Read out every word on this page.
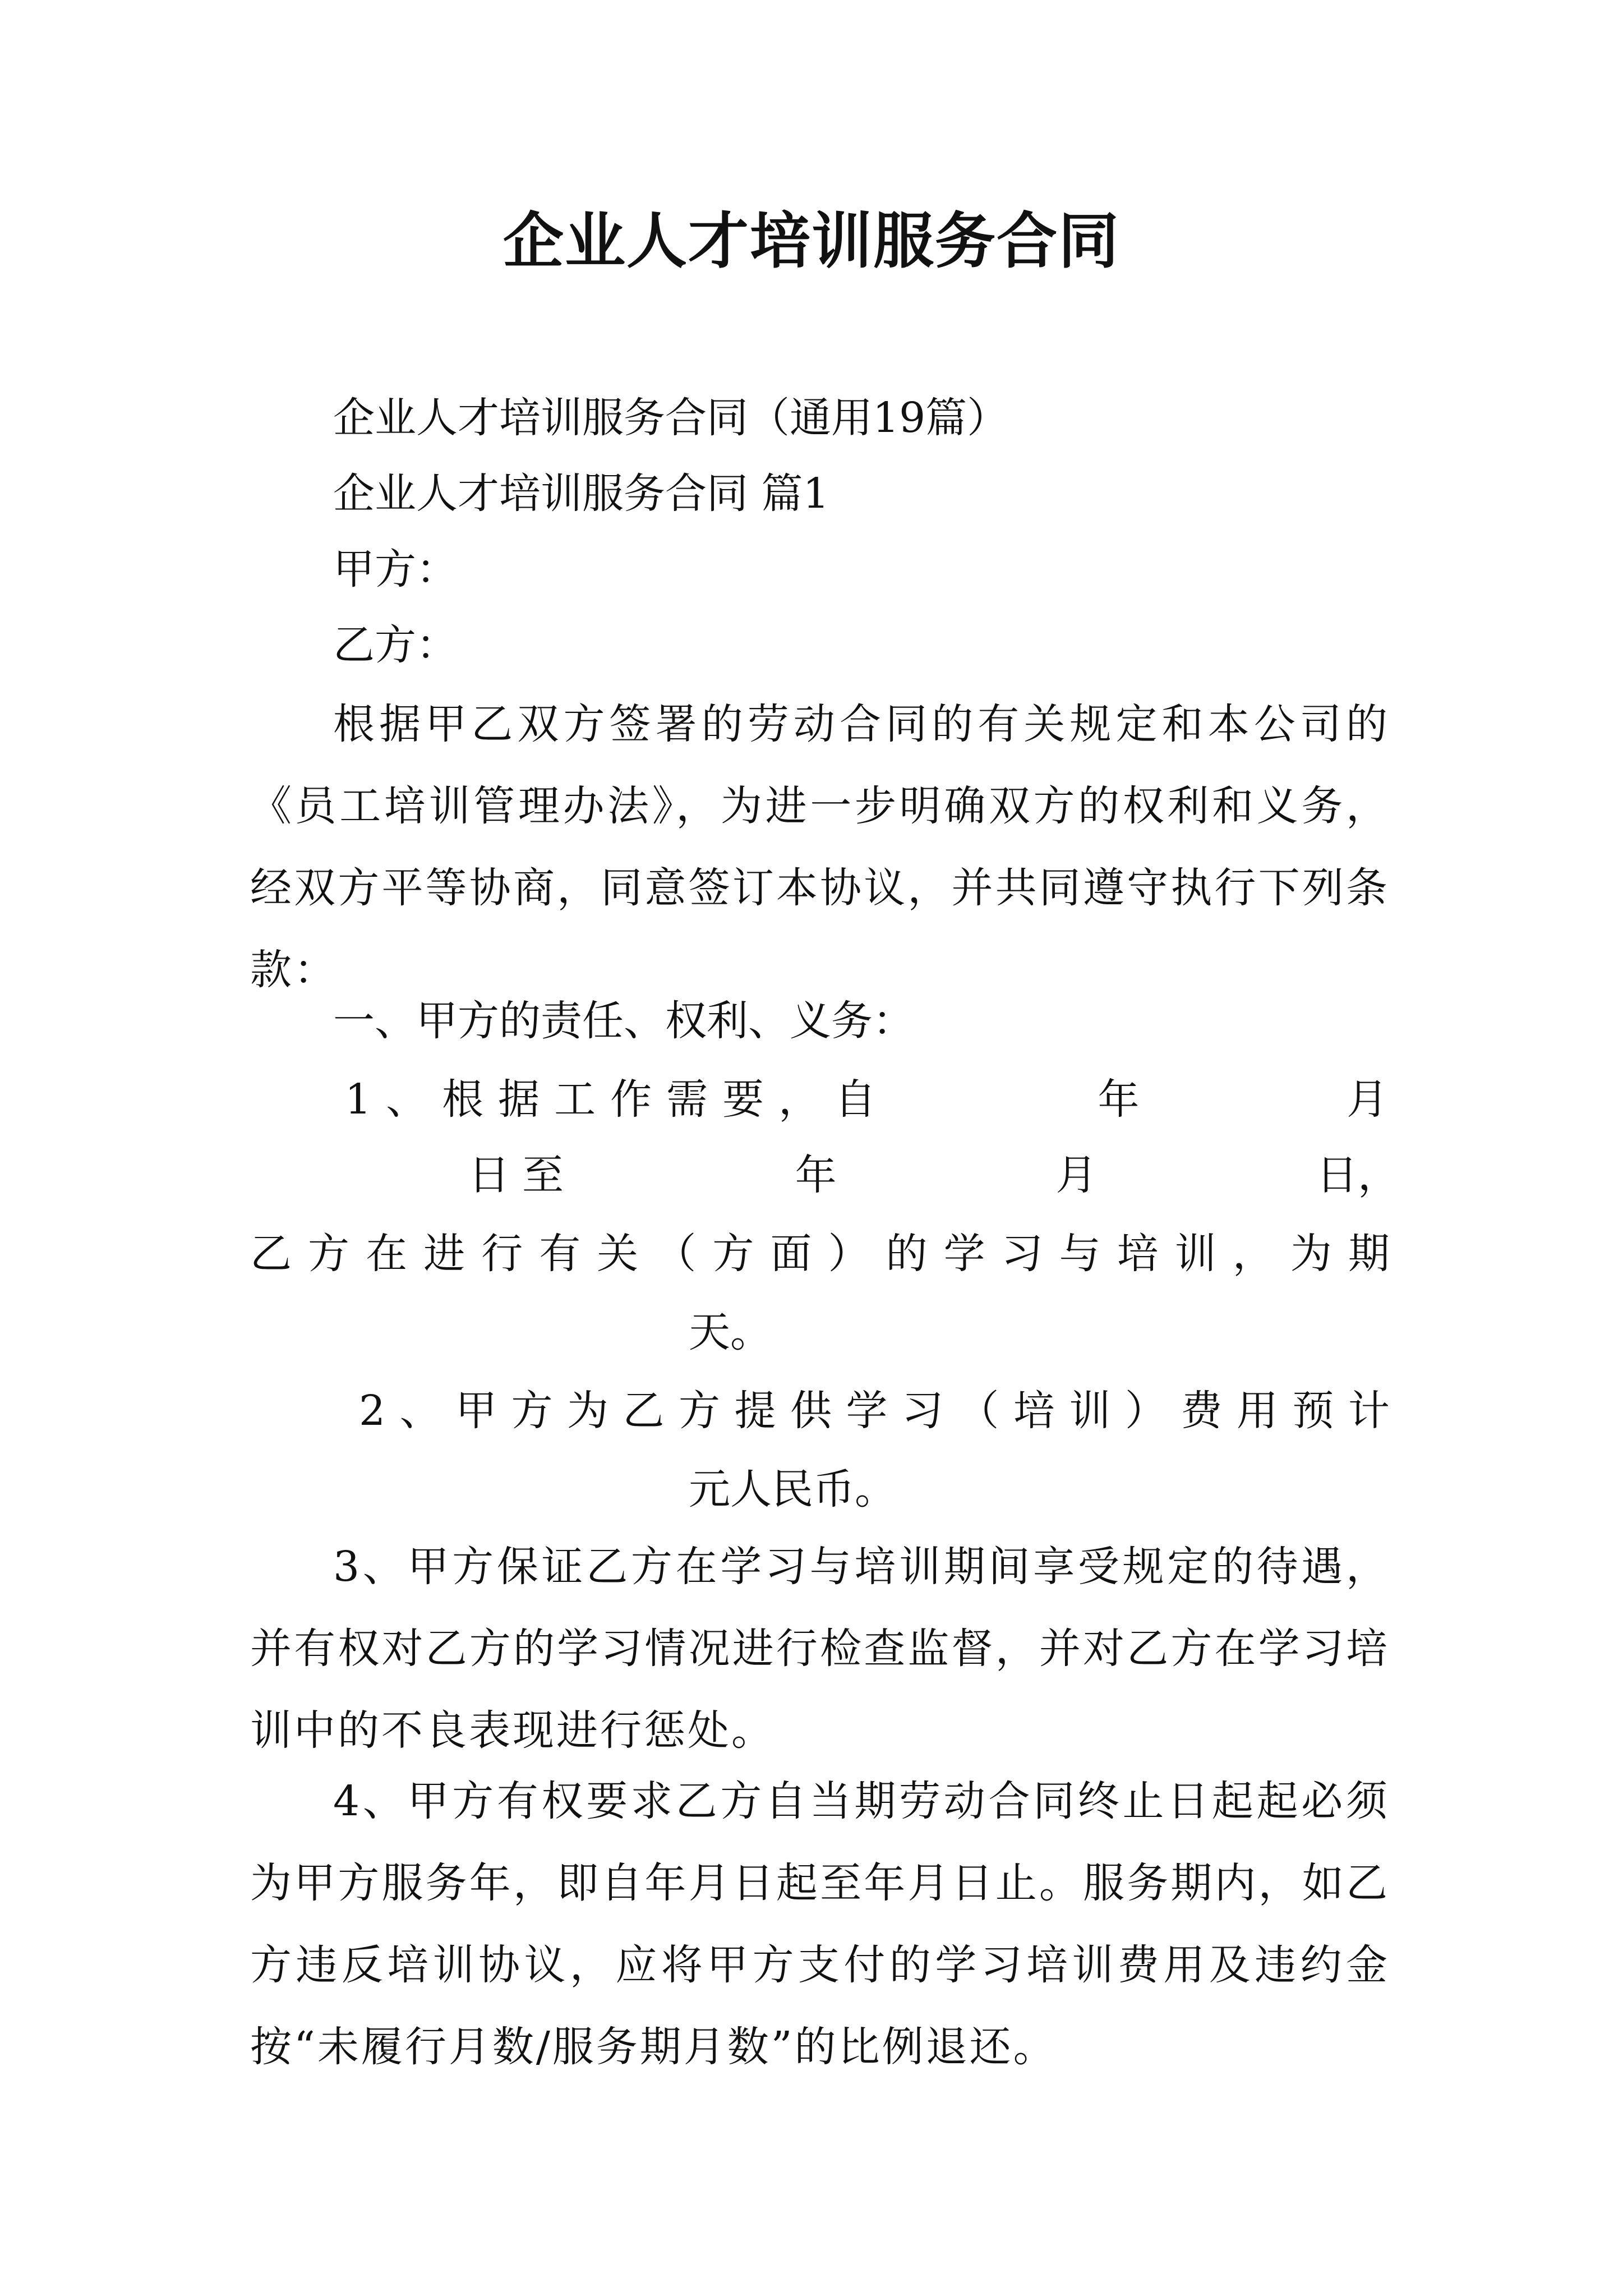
企业人才培训服务合同
企业人才培训服务合同（通用19篇）
企业人才培训服务合同 篇1
甲方：
乙方：
根据甲乙双方签署的劳动合同的有关规定和本公司的《员工培训管理办法》，为进一步明确双方的权利和义务，经双方平等协商，同意签订本协议，并共同遵守执行下列条款：
一、甲方的责任、权利、义务：
1、根据工作需要，自	年	月
日至	年	月	日，
乙 方 在 进 行 有 关 （ 方 面 ） 的 学 习 与 培 训 ， 为 期
天。
2 、 甲 方 为 乙 方 提 供 学 习 （ 培 训 ） 费 用 预 计
元人民币。
3、甲方保证乙方在学习与培训期间享受规定的待遇，并有权对乙方的学习情况进行检查监督，并对乙方在学习培训中的不良表现进行惩处。
4、甲方有权要求乙方自当期劳动合同终止日起起必须为甲方服务年，即自年月日起至年月日止。服务期内，如乙方违反培训协议，应将甲方支付的学习培训费用及违约金按“未履行月数/服务期月数”的比例退还。
